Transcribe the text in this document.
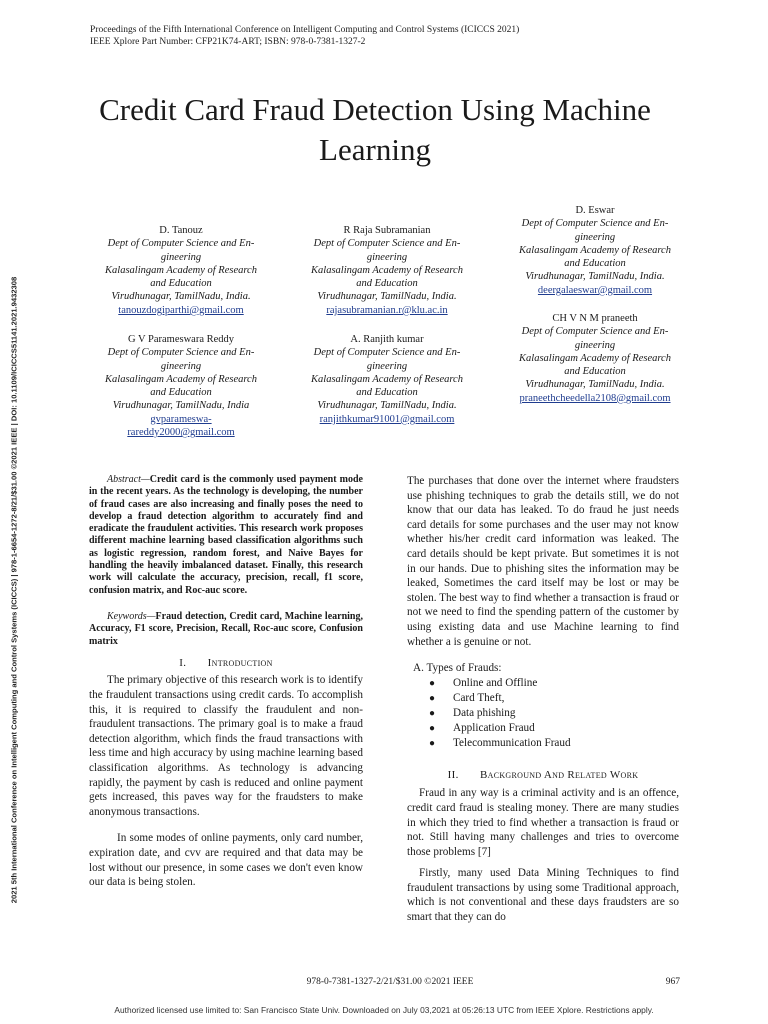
Proceedings of the Fifth International Conference on Intelligent Computing and Control Systems (ICICCS 2021)
IEEE Xplore Part Number: CFP21K74-ART; ISBN: 978-0-7381-1327-2
2021 5th International Conference on Intelligent Computing and Control Systems (ICICCS) | 978-1-6654-1272-8/21/$31.00 ©2021 IEEE | DOI: 10.1109/ICICCS51141.2021.9432308
Credit Card Fraud Detection Using Machine
Learning
D. Tanouz
Dept of Computer Science and En-
gineering
Kalasalingam Academy of Research
and Education
Virudhunagar, TamilNadu, India.
tanouzdogiparthi@gmail.com
R Raja Subramanian
Dept of Computer Science and En-
gineering
Kalasalingam Academy of Research
and Education
Virudhunagar, TamilNadu, India.
rajasubramanian.r@klu.ac.in
D. Eswar
Dept of Computer Science and En-
gineering
Kalasalingam Academy of Research
and Education
Virudhunagar, TamilNadu, India.
deergalaeswar@gmail.com
G V Parameswara Reddy
Dept of Computer Science and En-
gineering
Kalasalingam Academy of Research
and Education
Virudhunagar, TamilNadu, India
gvparameswa-
rareddy2000@gmail.com
A. Ranjith kumar
Dept of Computer Science and En-
gineering
Kalasalingam Academy of Research
and Education
Virudhunagar, TamilNadu, India.
ranjithkumar91001@gmail.com
CH V N M praneeth
Dept of Computer Science and En-
gineering
Kalasalingam Academy of Research
and Education
Virudhunagar, TamilNadu, India.
praneethcheedella2108@gmail.com

Abstract—Credit card is the commonly used payment mode in the recent years. As the technology is developing, the number of fraud cases are also increasing and finally poses the need to develop a fraud detection algorithm to accurately find and eradicate the fraudulent activities. This research work proposes different machine learning based classification algorithms such as logistic regression, random forest, and Naive Bayes for handling the heavily imbalanced dataset. Finally, this research work will calculate the accuracy, precision, recall, f1 score, confusion matrix, and Roc-auc score.

Keywords—Fraud detection, Credit card, Machine learning, Accuracy, F1 score, Precision, Recall, Roc-auc score, Confusion matrix

I. Introduction

The primary objective of this research work is to identify the fraudulent transactions using credit cards. To accomplish this, it is required to classify the fraudulent and non-fraudulent transactions. The primary goal is to make a fraud detection algorithm, which finds the fraud transactions with less time and high accuracy by using machine learning based classification algorithms. As technology is advancing rapidly, the payment by cash is reduced and online payment gets increased, this paves way for the fraudsters to make anonymous transactions.

In some modes of online payments, only card number, expiration date, and cvv are required and that data may be lost without our presence, in some cases we don't even know our data is being stolen.

The purchases that done over the internet where fraudsters use phishing techniques to grab the details still, we do not know that our data has leaked. To do fraud he just needs card details for some purchases and the user may not know whether his/her credit card information was leaked. The card details should be kept private. But sometimes it is not in our hands. Due to phishing sites the information may be leaked, Sometimes the card itself may be lost or may be stolen. The best way to find whether a transaction is fraud or not we need to find the spending pattern of the customer by using existing data and use Machine learning to find whether a is genuine or not.

A. Types of Frauds:
● Online and Offline
● Card Theft,
● Data phishing
● Application Fraud
● Telecommunication Fraud
II. Background And Related Work

Fraud in any way is a criminal activity and is an offence, credit card fraud is stealing money. There are many studies in which they tried to find whether a transaction is fraud or not. Still having many challenges and tries to overcome those problems [7]

Firstly, many used Data Mining Techniques to find fraudulent transactions by using some Traditional approach, which is not conventional and these days fraudsters are so smart that they can do

978-0-7381-1327-2/21/$31.00 ©2021 IEEE	967
Authorized licensed use limited to: San Francisco State Univ. Downloaded on July 03,2021 at 05:26:13 UTC from IEEE Xplore. Restrictions apply.
